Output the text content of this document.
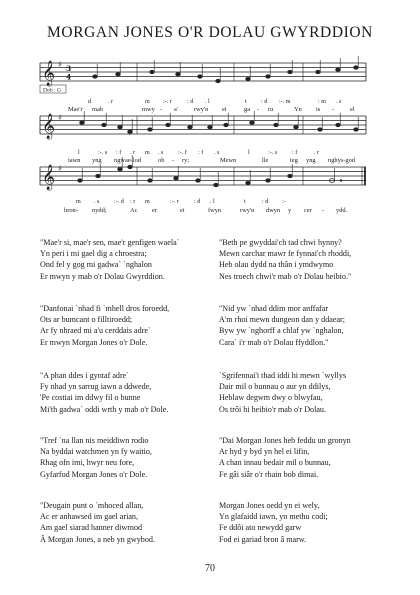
MORGAN JONES O'R DOLAU GWYRDDION
𝄞 ♯ 3
4
𝄞 ♯
𝄞 ♯
Doh : G
d	. r	m :-. r : d . l	t : d :-. m	: m . s
l	:-. s : f . r m . s :-. f : f . s	l	:-. s : f	. r
m . s :-. d : r m	:-. r : d . l	t	: d :-
Mae'r mab	mwy - a'	rwy'n ei	ga - ru	Yn is - el
iawn yng ngwae-lod	ob - ry;	Mewn	lle	teg yng nghys-god
hron- nydd;	Ac er	ei	fwyn	rwy'n dwyn y cer - ydd.
"Mae'r si, mae'r sen, mae'r genfigen waela`
Yn peri i mi gael dig a chroestra;
Ond fel y gog mi gadwa` `nghalon
Er mwyn y mab o'r Dolau Gwyrddion.
"Danfonai `nhad fi `mhell dros foroedd,
Ots ar bumcant o filltiroedd;
Ar fy nhraed mi a'u cerddais adre`
Er mwyn Morgan Jones o'r Dole.
"A phan ddes i gyntaf adre`
Fy nhad yn sarrug iawn a ddwede,
'Pe costiai im ddwy fil o bunne
Mi'th gadwa` oddi wrth y mab o'r Dole.
"Tref `na llan nis meiddiwn rodio
Na byddai watchmen yn fy waitio,
Rhag ofn imi, hwyr neu fore,
Gyfarfod Morgan Jones o'r Dole.
"Deugain punt o `mhoced allan,
Ac er anhawsed im gael arian,
Am gael siarad hanner diwrnod
Â Morgan Jones, a neb yn gwybod.
"Beth pe gwyddai'ch tad chwi hynny?
Mewn carchar mawr fe fynnai'ch rhoddi,
Heb olau dydd na thân i ymdwymo
Nes troech chwi'r mab o'r Dolau heibio."
"Nid yw `nhad ddim mor anffafar
A'm rhoi mewn dungeon dan y ddaear;
Byw yw `nghorff a chlaf yw `nghalon,
Cara` i'r mab o'r Dolau ffyddlon."
`Sgrifennai'i thad iddi hi mewn `wyllys
Dair mil o bunnau o aur yn ddilys,
Heblaw degwm dwy o blwyfau,
Os trôi hi heibio'r mab o'r Dolau.
"Dai Morgan Jones heb feddu un gronyn
Ar hyd y byd yn hel ei lifin,
A chan innau bedair mil o bunnau,
Fe gâi siâr o'r rhain bob dimai.
Morgan Jones oedd yn ei wely,
Yn glafaidd iawn, yn methu codi;
Fe ddôi ato newydd garw
Fod ei gariad bron â marw.
70
